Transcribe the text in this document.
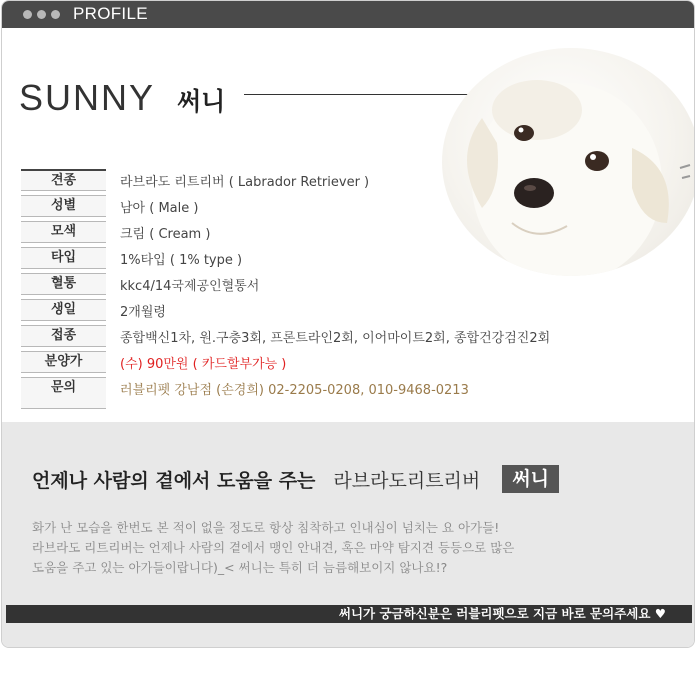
PROFILE
SUNNY 써니
견종	라브라도 리트리버 ( Labrador Retriever )
성별	남아 ( Male )
모색	크림 ( Cream )
타입	1%타입 ( 1% type )
혈통	kkc4/14국제공인혈통서
생일	2개월령
접종	종합백신1차, 원.구충3회, 프론트라인2회, 이어마이트2회, 종합건강검진2회
분양가	(수) 90만원 ( 카드할부가능 )
문의	러블리펫 강남점 (손경희) 02-2205-0208, 010-9468-0213
언제나 사람의 곁에서 도움을 주는 라브라도리트리버	써니

화가 난 모습을 한번도 본 적이 없을 정도로 항상 침착하고 인내심이 넘치는 요 아가들!

라브라도 리트리버는 언제나 사람의 곁에서 맹인 안내견, 혹은 마약 탐지견 등등으로 많은

도움을 주고 있는 아가들이랍니다)_< 써니는 특히 더 늠름해보이지 않나요!?

써니가 궁금하신분은 러블리펫으로 지금 바로 문의주세요 ♥
